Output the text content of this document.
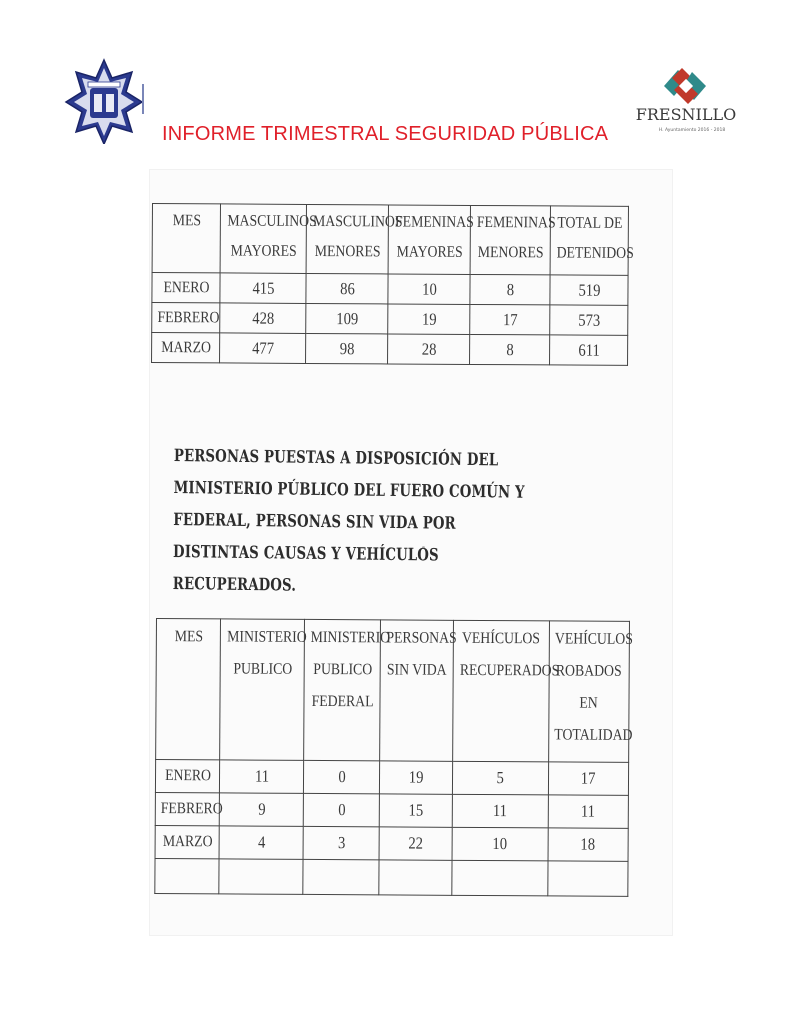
INFORME TRIMESTRAL SEGURIDAD PÚBLICA
FRESNILLO
H. Ayuntamiento 2016 - 2018
MES	MASCULINOS MAYORES	MASCULINOS MENORES	FEMENINAS MAYORES	FEMENINAS MENORES	TOTAL DE DETENIDOS
ENERO	415	86	10	8	519
FEBRERO	428	109	19	17	573
MARZO	477	98	28	8	611
PERSONAS PUESTAS A DISPOSICIÓN DEL MINISTERIO PÚBLICO DEL FUERO COMÚN Y FEDERAL, PERSONAS SIN VIDA POR DISTINTAS CAUSAS Y VEHÍCULOS RECUPERADOS.
MES	MINISTERIO PUBLICO	MINISTERIO PUBLICO FEDERAL	PERSONAS SIN VIDA	VEHÍCULOS RECUPERADOS	VEHÍCULOS ROBADOS EN TOTALIDAD
ENERO	11	0	19	5	17
FEBRERO	9	0	15	11	11
MARZO	4	3	22	10	18
